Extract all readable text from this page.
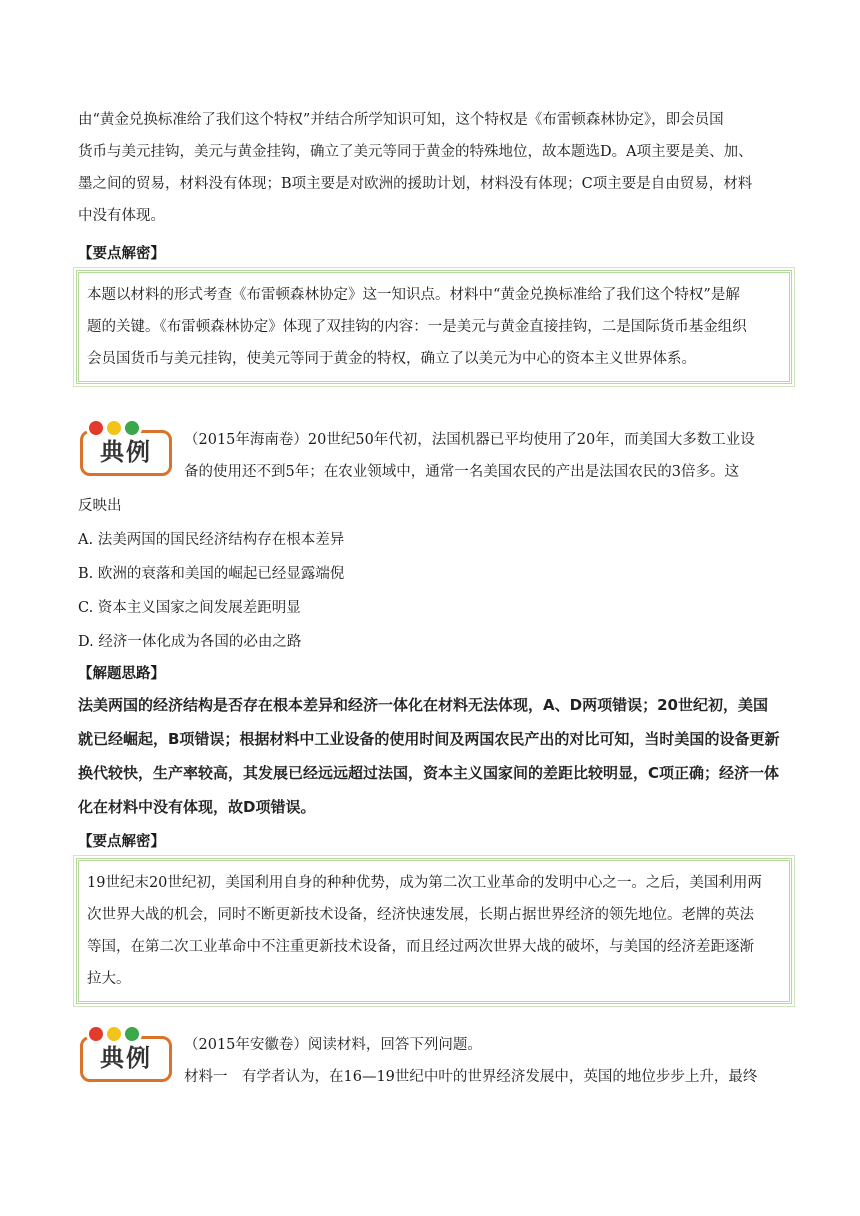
由“黄金兑换标准给了我们这个特权”并结合所学知识可知，这个特权是《布雷顿森林协定》，即会员国
货币与美元挂钩，美元与黄金挂钩，确立了美元等同于黄金的特殊地位，故本题选D。A项主要是美、加、
墨之间的贸易，材料没有体现；B项主要是对欧洲的援助计划，材料没有体现；C项主要是自由贸易，材料
中没有体现。
【要点解密】
本题以材料的形式考查《布雷顿森林协定》这一知识点。材料中“黄金兑换标准给了我们这个特权”是解
题的关键。《布雷顿森林协定》体现了双挂钩的内容：一是美元与黄金直接挂钩，二是国际货币基金组织
会员国货币与美元挂钩，使美元等同于黄金的特权，确立了以美元为中心的资本主义世界体系。
典例	（2015年海南卷）20世纪50年代初，法国机器已平均使用了20年，而美国大多数工业设
备的使用还不到5年；在农业领域中，通常一名美国农民的产出是法国农民的3倍多。这
反映出
A. 法美两国的国民经济结构存在根本差异
B. 欧洲的衰落和美国的崛起已经显露端倪
C. 资本主义国家之间发展差距明显
D. 经济一体化成为各国的必由之路
【解题思路】
法美两国的经济结构是否存在根本差异和经济一体化在材料无法体现，A、D两项错误；20世纪初，美国
就已经崛起，B项错误；根据材料中工业设备的使用时间及两国农民产出的对比可知，当时美国的设备更新
换代较快，生产率较高，其发展已经远远超过法国，资本主义国家间的差距比较明显，C项正确；经济一体
化在材料中没有体现，故D项错误。
【要点解密】
19世纪末20世纪初，美国利用自身的种种优势，成为第二次工业革命的发明中心之一。之后，美国利用两
次世界大战的机会，同时不断更新技术设备，经济快速发展，长期占据世界经济的领先地位。老牌的英法
等国，在第二次工业革命中不注重更新技术设备，而且经过两次世界大战的破坏，与美国的经济差距逐渐
拉大。
典例	（2015年安徽卷）阅读材料，回答下列问题。
材料一　有学者认为，在16—19世纪中叶的世界经济发展中，英国的地位步步上升，最终
